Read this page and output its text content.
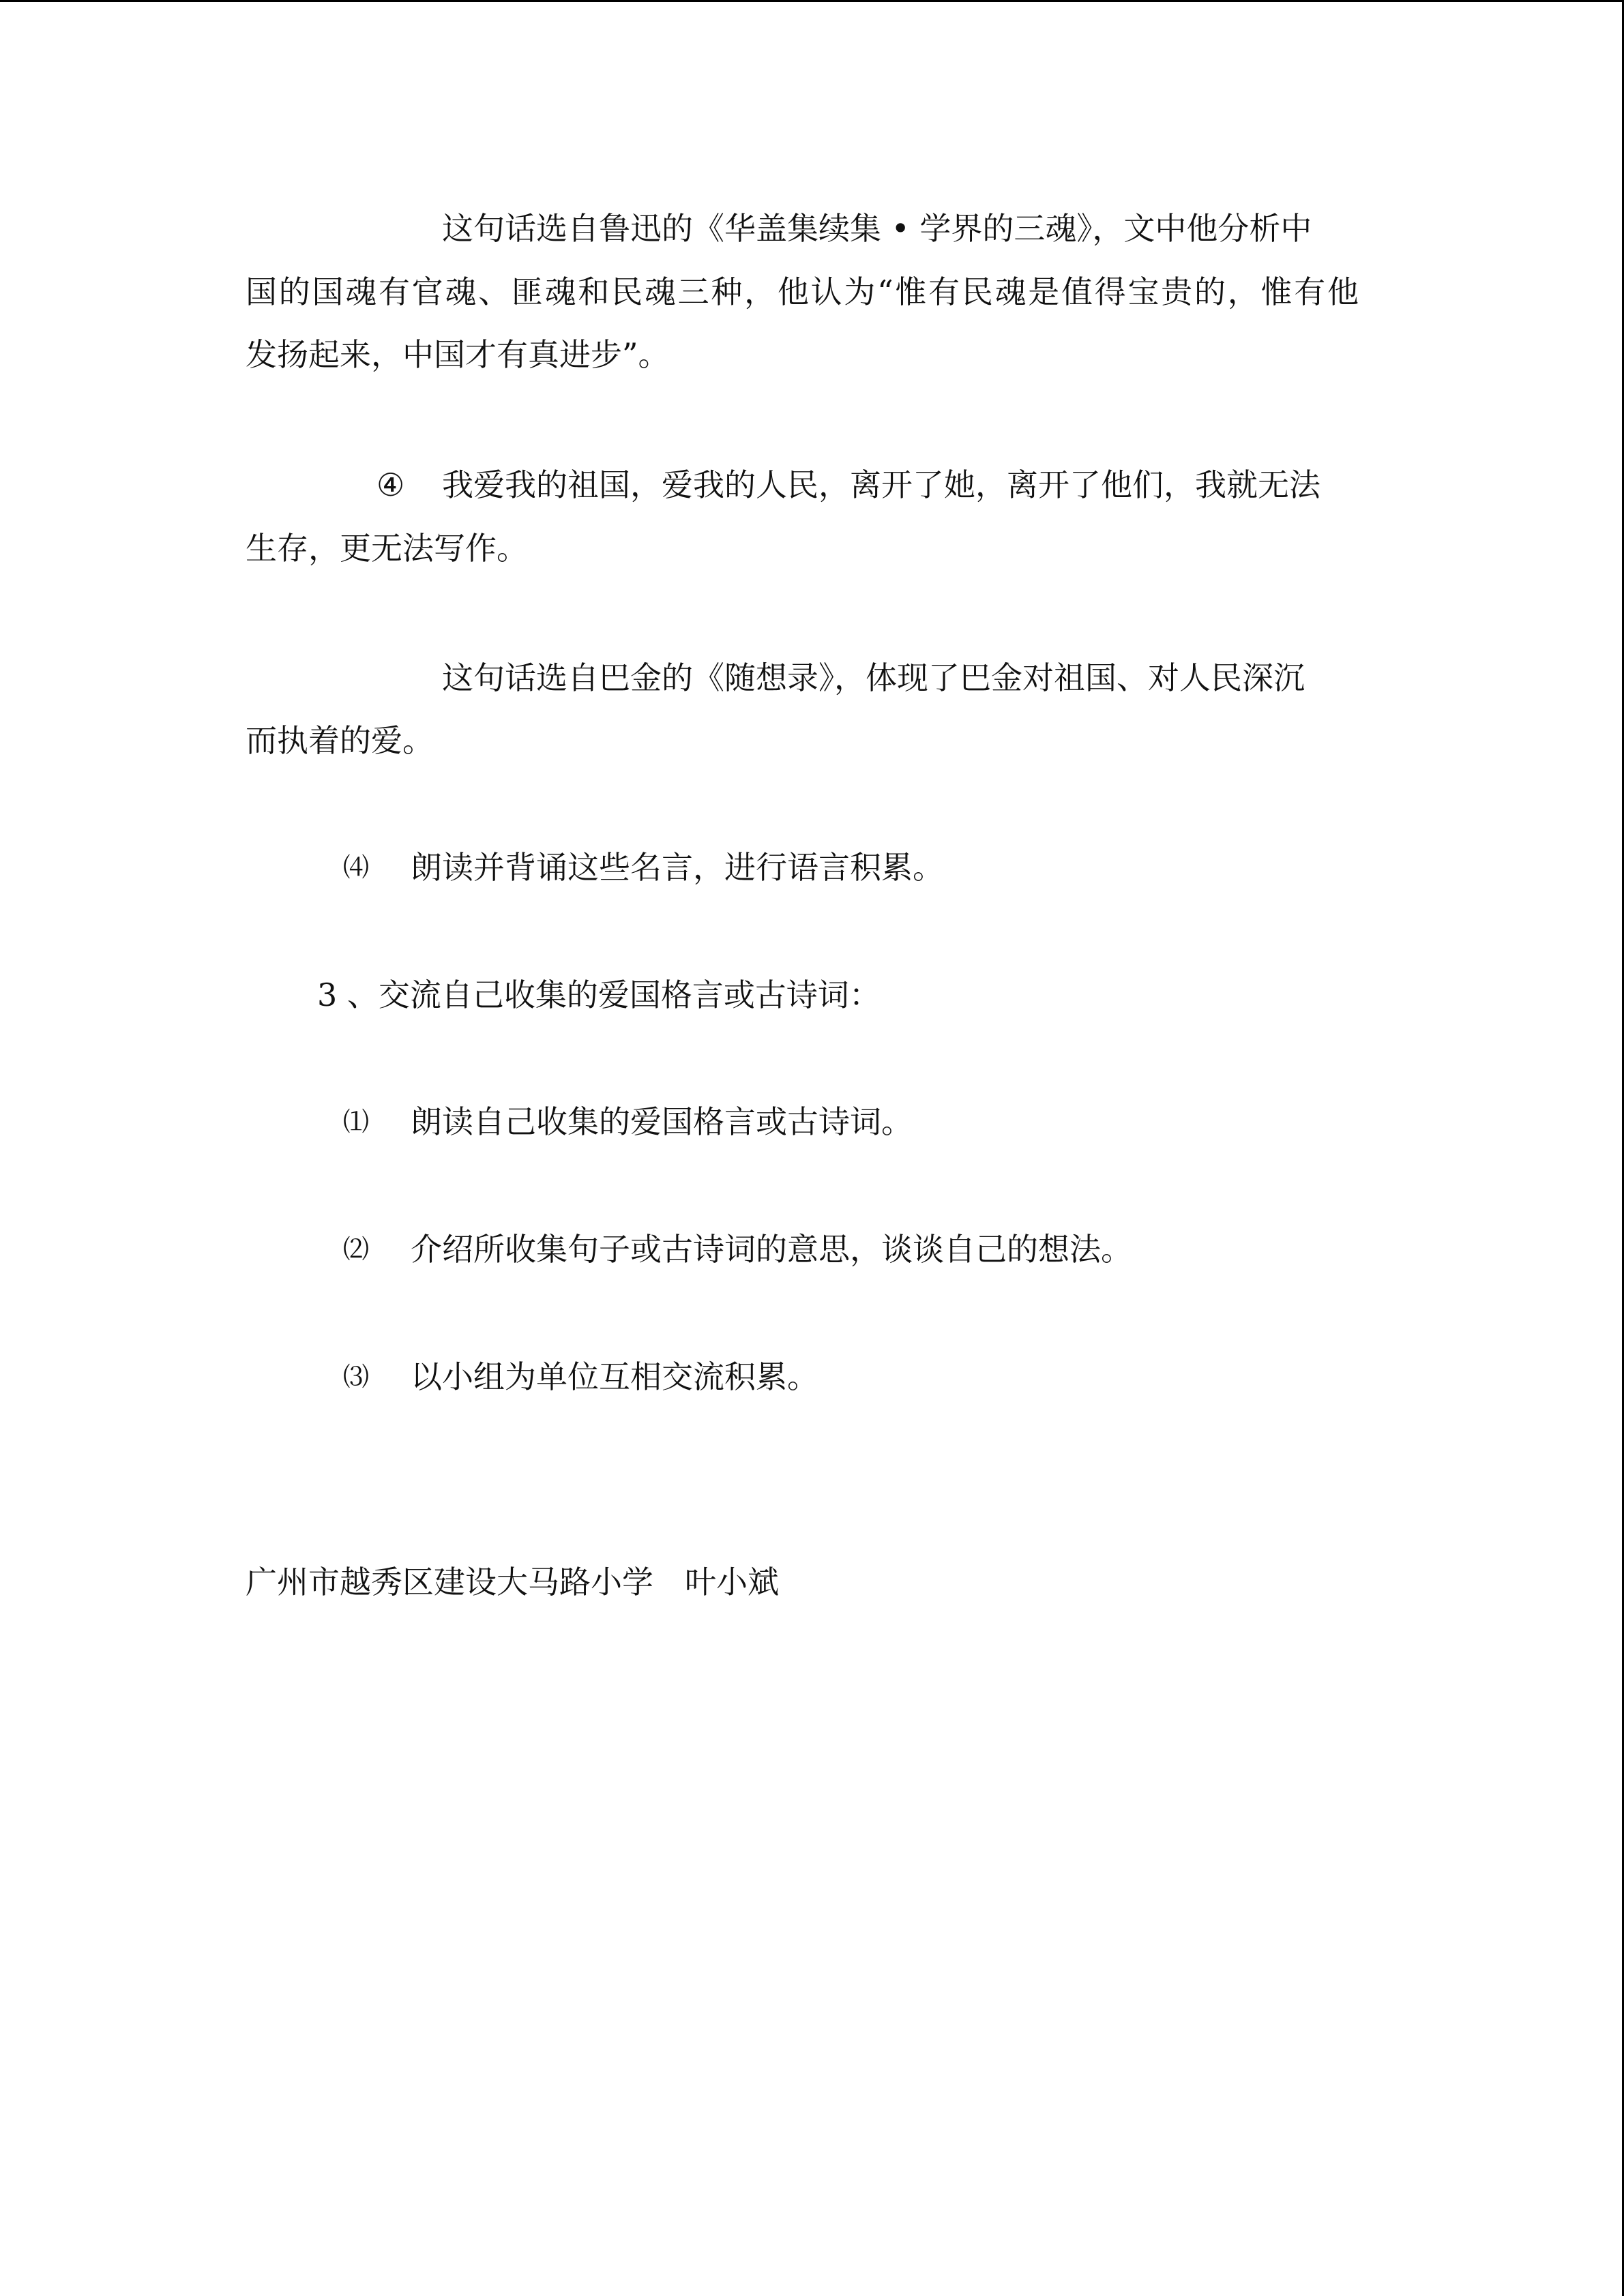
这句话选自鲁迅的《华盖集续集 • 学界的三魂》，文中他分析中
国的国魂有官魂、匪魂和民魂三种，他认为“惟有民魂是值得宝贵的，惟有他
发扬起来，中国才有真进步”。
④ 我爱我的祖国，爱我的人民，离开了她，离开了他们，我就无法
生存，更无法写作。
这句话选自巴金的《随想录》，体现了巴金对祖国、对人民深沉
而执着的爱。
⑷ 朗读并背诵这些名言，进行语言积累。
3 、交流自己收集的爱国格言或古诗词：
⑴ 朗读自己收集的爱国格言或古诗词。
⑵ 介绍所收集句子或古诗词的意思，谈谈自己的想法。
⑶ 以小组为单位互相交流积累。
广州市越秀区建设大马路小学　叶小斌
